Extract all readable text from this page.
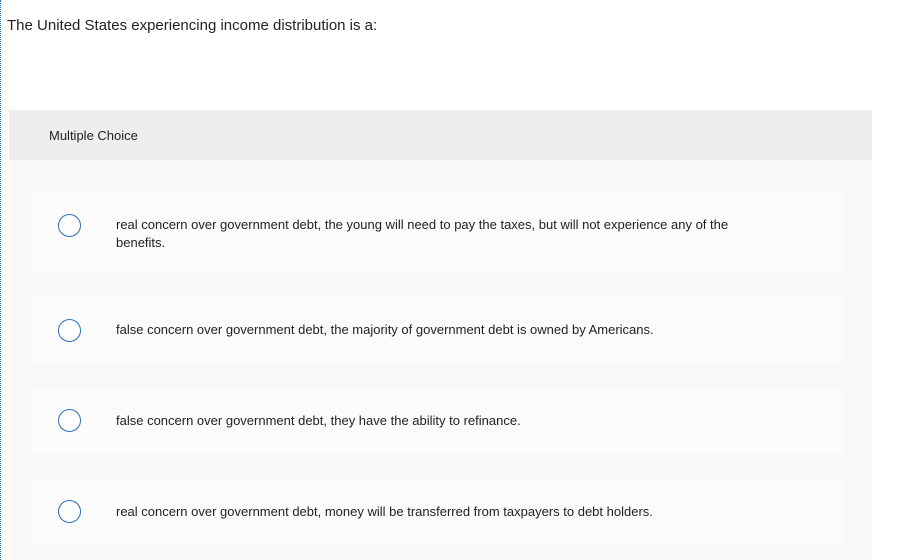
The United States experiencing income distribution is a:
Multiple Choice
real concern over government debt, the young will need to pay the taxes, but will not experience any of the benefits.
false concern over government debt, the majority of government debt is owned by Americans.
false concern over government debt, they have the ability to refinance.
real concern over government debt, money will be transferred from taxpayers to debt holders.
